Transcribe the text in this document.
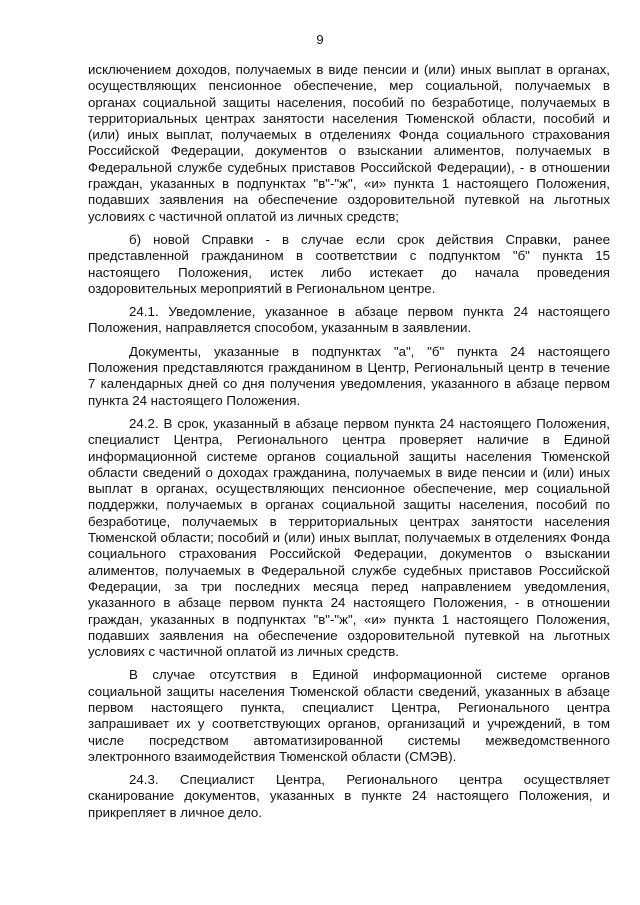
9

исключением доходов, получаемых в виде пенсии и (или) иных выплат в органах, осуществляющих пенсионное обеспечение, мер социальной, получаемых в органах социальной защиты населения, пособий по безработице, получаемых в территориальных центрах занятости населения Тюменской области, пособий и (или) иных выплат, получаемых в отделениях Фонда социального страхования Российской Федерации, документов о взыскании алиментов, получаемых в Федеральной службе судебных приставов Российской Федерации), - в отношении граждан, указанных в подпунктах "в"-"ж", «и» пункта 1 настоящего Положения, подавших заявления на обеспечение оздоровительной путевкой на льготных условиях с частичной оплатой из личных средств;

б) новой Справки - в случае если срок действия Справки, ранее представленной гражданином в соответствии с подпунктом "б" пункта 15 настоящего Положения, истек либо истекает до начала проведения оздоровительных мероприятий в Региональном центре.

24.1. Уведомление, указанное в абзаце первом пункта 24 настоящего Положения, направляется способом, указанным в заявлении.

Документы, указанные в подпунктах "а", "б" пункта 24 настоящего Положения представляются гражданином в Центр, Региональный центр в течение 7 календарных дней со дня получения уведомления, указанного в абзаце первом пункта 24 настоящего Положения.

24.2. В срок, указанный в абзаце первом пункта 24 настоящего Положения, специалист Центра, Регионального центра проверяет наличие в Единой информационной системе органов социальной защиты населения Тюменской области сведений о доходах гражданина, получаемых в виде пенсии и (или) иных выплат в органах, осуществляющих пенсионное обеспечение, мер социальной поддержки, получаемых в органах социальной защиты населения, пособий по безработице, получаемых в территориальных центрах занятости населения Тюменской области; пособий и (или) иных выплат, получаемых в отделениях Фонда социального страхования Российской Федерации, документов о взыскании алиментов, получаемых в Федеральной службе судебных приставов Российской Федерации, за три последних месяца перед направлением уведомления, указанного в абзаце первом пункта 24 настоящего Положения, - в отношении граждан, указанных в подпунктах "в"-"ж", «и» пункта 1 настоящего Положения, подавших заявления на обеспечение оздоровительной путевкой на льготных условиях с частичной оплатой из личных средств.

В случае отсутствия в Единой информационной системе органов социальной защиты населения Тюменской области сведений, указанных в абзаце первом настоящего пункта, специалист Центра, Регионального центра запрашивает их у соответствующих органов, организаций и учреждений, в том числе посредством автоматизированной системы межведомственного электронного взаимодействия Тюменской области (СМЭВ).

24.3. Специалист Центра, Регионального центра осуществляет сканирование документов, указанных в пункте 24 настоящего Положения, и прикрепляет в личное дело.
